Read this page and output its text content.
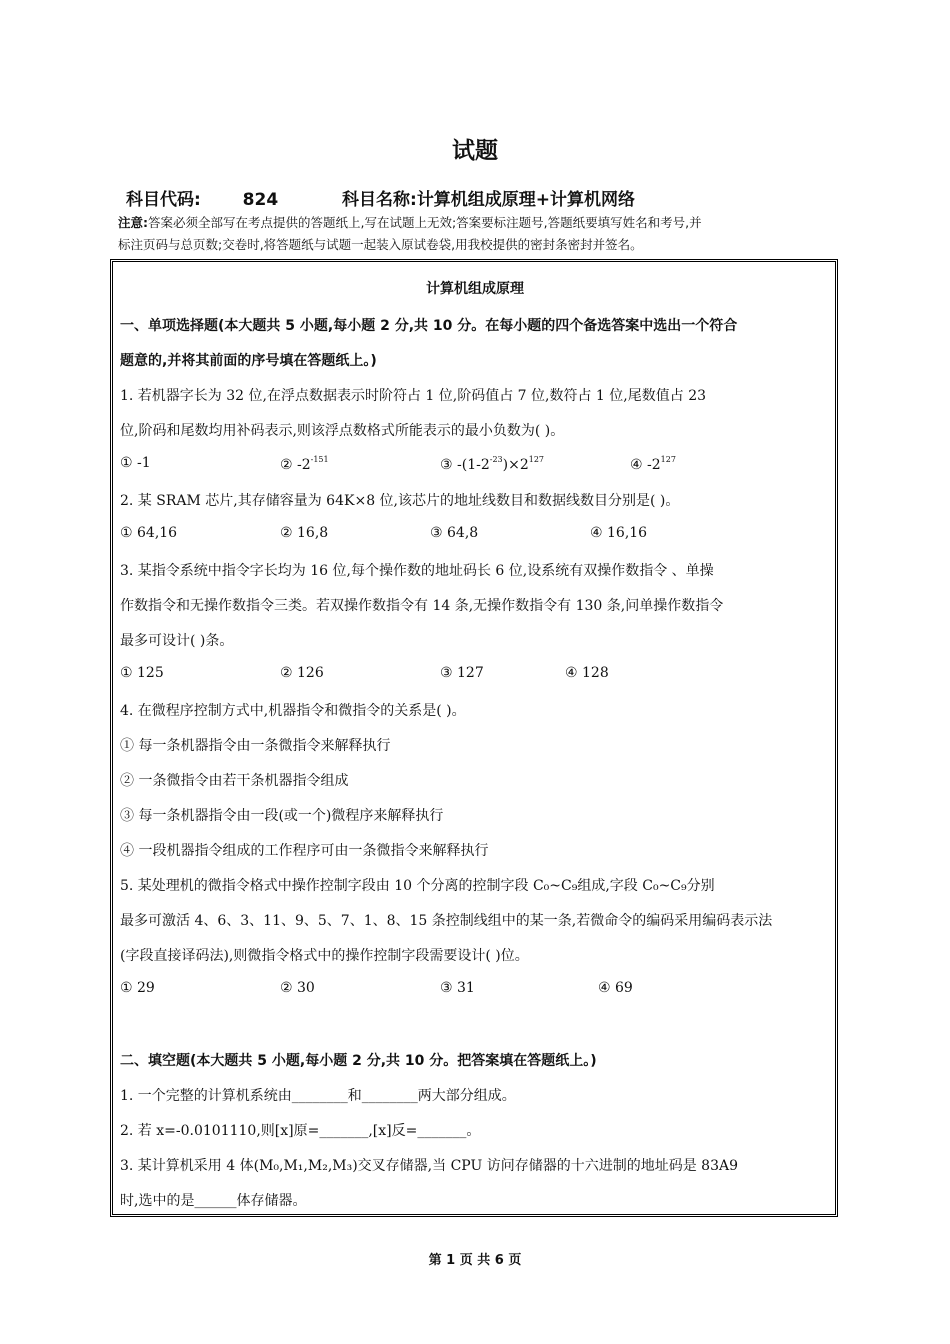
试题
科目代码: 824	科目名称:计算机组成原理+计算机网络
注意:答案必须全部写在考点提供的答题纸上,写在试题上无效;答案要标注题号,答题纸要填写姓名和考号,并
标注页码与总页数;交卷时,将答题纸与试题一起装入原试卷袋,用我校提供的密封条密封并签名。
计算机组成原理
一、单项选择题(本大题共 5 小题,每小题 2 分,共 10 分。在每小题的四个备选答案中选出一个符合
题意的,并将其前面的序号填在答题纸上。)
1. 若机器字长为 32 位,在浮点数据表示时阶符占 1 位,阶码值占 7 位,数符占 1 位,尾数值占 23
位,阶码和尾数均用补码表示,则该浮点数格式所能表示的最小负数为( )。
① -1	② $-2^{-151}$	③ $-(1-2^{-23})\times 2^{127}$	④ $-2^{127}$
2. 某 SRAM 芯片,其存储容量为 64K×8 位,该芯片的地址线数目和数据线数目分别是( )。
① 64,16	② 16,8	③ 64,8	④ 16,16
3. 某指令系统中指令字长均为 16 位,每个操作数的地址码长 6 位,设系统有双操作数指令 、单操
作数指令和无操作数指令三类。若双操作数指令有 14 条,无操作数指令有 130 条,问单操作数指令
最多可设计( )条。
① 125	② 126	③ 127	④ 128
4. 在微程序控制方式中,机器指令和微指令的关系是( )。
① 每一条机器指令由一条微指令来解释执行
② 一条微指令由若干条机器指令组成
③ 每一条机器指令由一段(或一个)微程序来解释执行
④ 一段机器指令组成的工作程序可由一条微指令来解释执行
5. 某处理机的微指令格式中操作控制字段由 10 个分离的控制字段 C₀~C₉组成,字段 C₀~C₉分别
最多可激活 4、6、3、11、9、5、7、1、8、15 条控制线组中的某一条,若微命令的编码采用编码表示法
(字段直接译码法),则微指令格式中的操作控制字段需要设计( )位。
① 29	② 30	③ 31	④ 69
二、填空题(本大题共 5 小题,每小题 2 分,共 10 分。把答案填在答题纸上。)
1. 一个完整的计算机系统由________和________两大部分组成。
2. 若 x=-0.0101110,则[x]原=_______,[x]反=_______。
3. 某计算机采用 4 体(M₀,M₁,M₂,M₃)交叉存储器,当 CPU 访问存储器的十六进制的地址码是 83A9
时,选中的是______体存储器。
第 1 页 共 6 页
